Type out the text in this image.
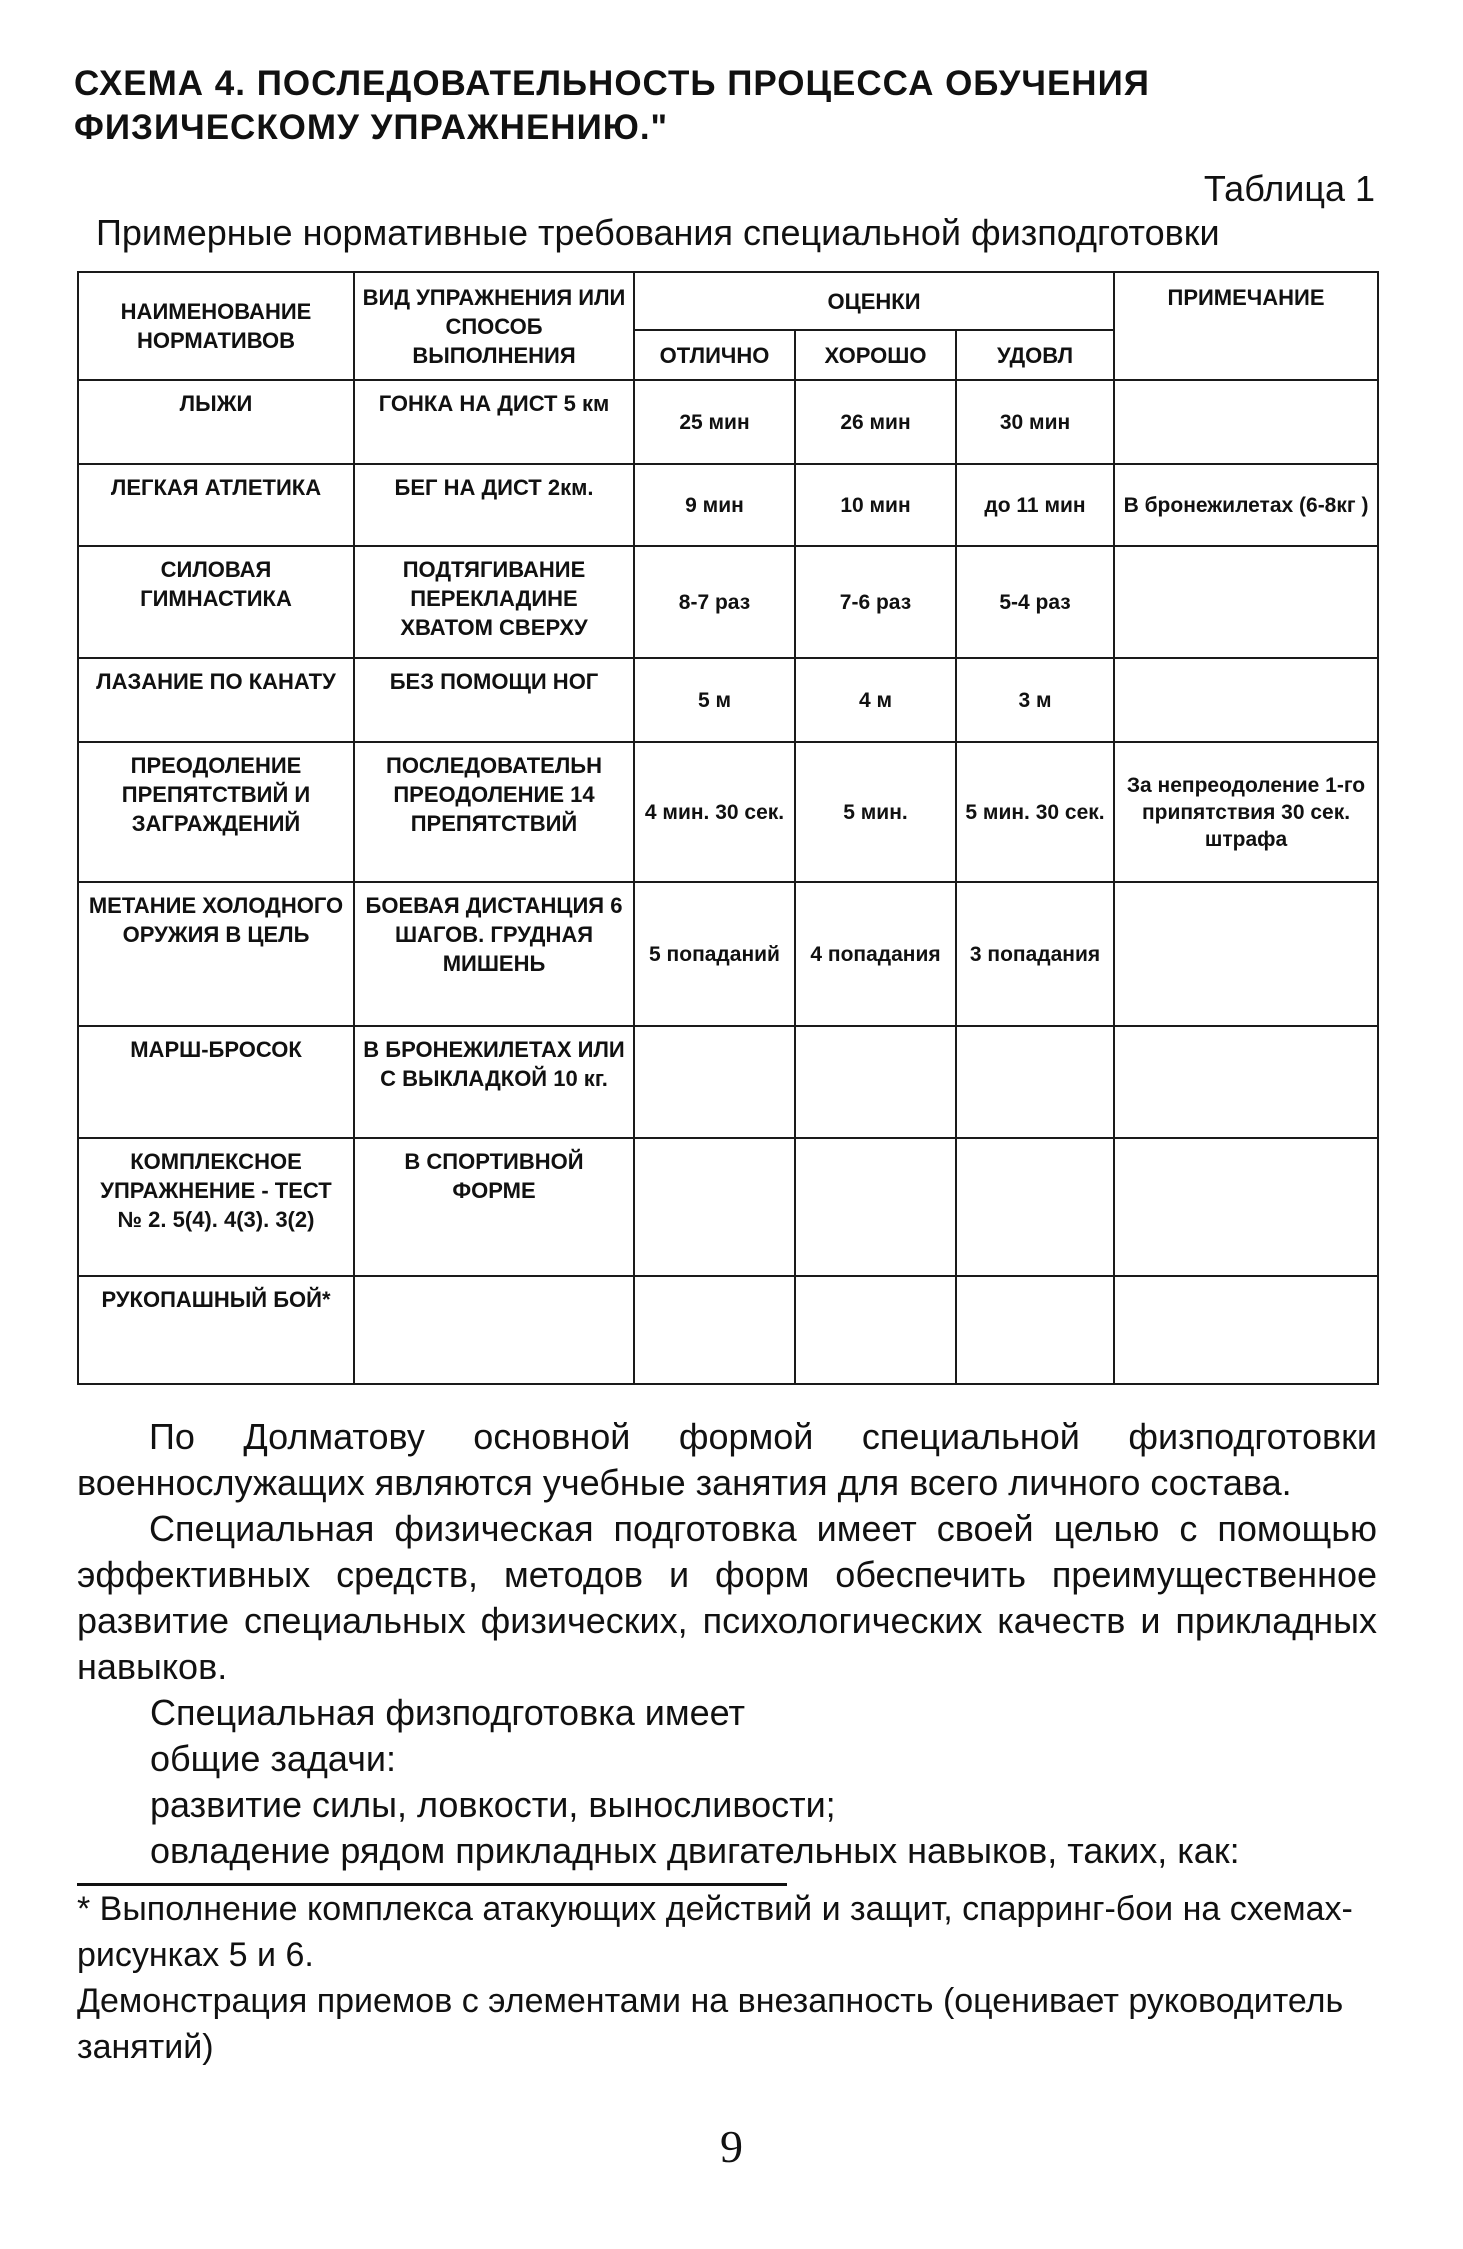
СХЕМА 4. ПОСЛЕДОВАТЕЛЬНОСТЬ ПРОЦЕССА ОБУЧЕНИЯ ФИЗИЧЕСКОМУ УПРАЖНЕНИЮ."
Таблица 1
Примерные нормативные требования специальной физподготовки
НАИМЕНОВАНИЕ НОРМАТИВОВ	ВИД УПРАЖНЕНИЯ ИЛИ СПОСОБ ВЫПОЛНЕНИЯ	ОЦЕНКИ			ПРИМЕЧАНИЕ
		ОТЛИЧНО	ХОРОШО	УДОВЛ	
ЛЫЖИ	ГОНКА НА ДИСТ 5 км	25 мин	26 мин	30 мин	
ЛЕГКАЯ АТЛЕТИКА	БЕГ НА ДИСТ 2км.	9 мин	10 мин	до 11 мин	В бронежилетах (6-8кг )
СИЛОВАЯ ГИМНАСТИКА	ПОДТЯГИВАНИЕ ПЕРЕКЛАДИНЕ ХВАТОМ СВЕРХУ	8-7 раз	7-6 раз	5-4 раз	
ЛАЗАНИЕ ПО КАНАТУ	БЕЗ ПОМОЩИ НОГ	5 м	4 м	3 м	
ПРЕОДОЛЕНИЕ ПРЕПЯТСТВИЙ И ЗАГРАЖДЕНИЙ	ПОСЛЕДОВАТЕЛЬН ПРЕОДОЛЕНИЕ 14 ПРЕПЯТСТВИЙ	4 мин. 30 сек.	5 мин.	5 мин. 30 сек.	За непреодоление 1-го припятствия 30 сек. штрафа
МЕТАНИЕ ХОЛОДНОГО ОРУЖИЯ В ЦЕЛЬ	БОЕВАЯ ДИСТАНЦИЯ 6 ШАГОВ. ГРУДНАЯ МИШЕНЬ	5 попаданий	4 попадания	3 попадания	
МАРШ-БРОСОК	В БРОНЕЖИЛЕТАХ ИЛИ С ВЫКЛАДКОЙ 10 кг.				
КОМПЛЕКСНОЕ УПРАЖНЕНИЕ - ТЕСТ № 2. 5(4). 4(3). 3(2)	В СПОРТИВНОЙ ФОРМЕ				
РУКОПАШНЫЙ БОЙ*					

По Долматову основной формой специальной физподготовки военнослужащих являются учебные занятия для всего личного состава.

Специальная физическая подготовка имеет своей целью с помощью эффективных средств, методов и форм обеспечить преимущественное развитие специальных физических, психологических качеств и прикладных навыков.

Специальная физподготовка имеет
общие задачи:
развитие силы, ловкости, выносливости;
овладение рядом прикладных двигательных навыков, таких, как:

* Выполнение комплекса атакующих действий и защит, спарринг-бои на схемах-рисунках 5 и 6.

Демонстрация приемов с элементами на внезапность (оценивает руководитель занятий)

9
